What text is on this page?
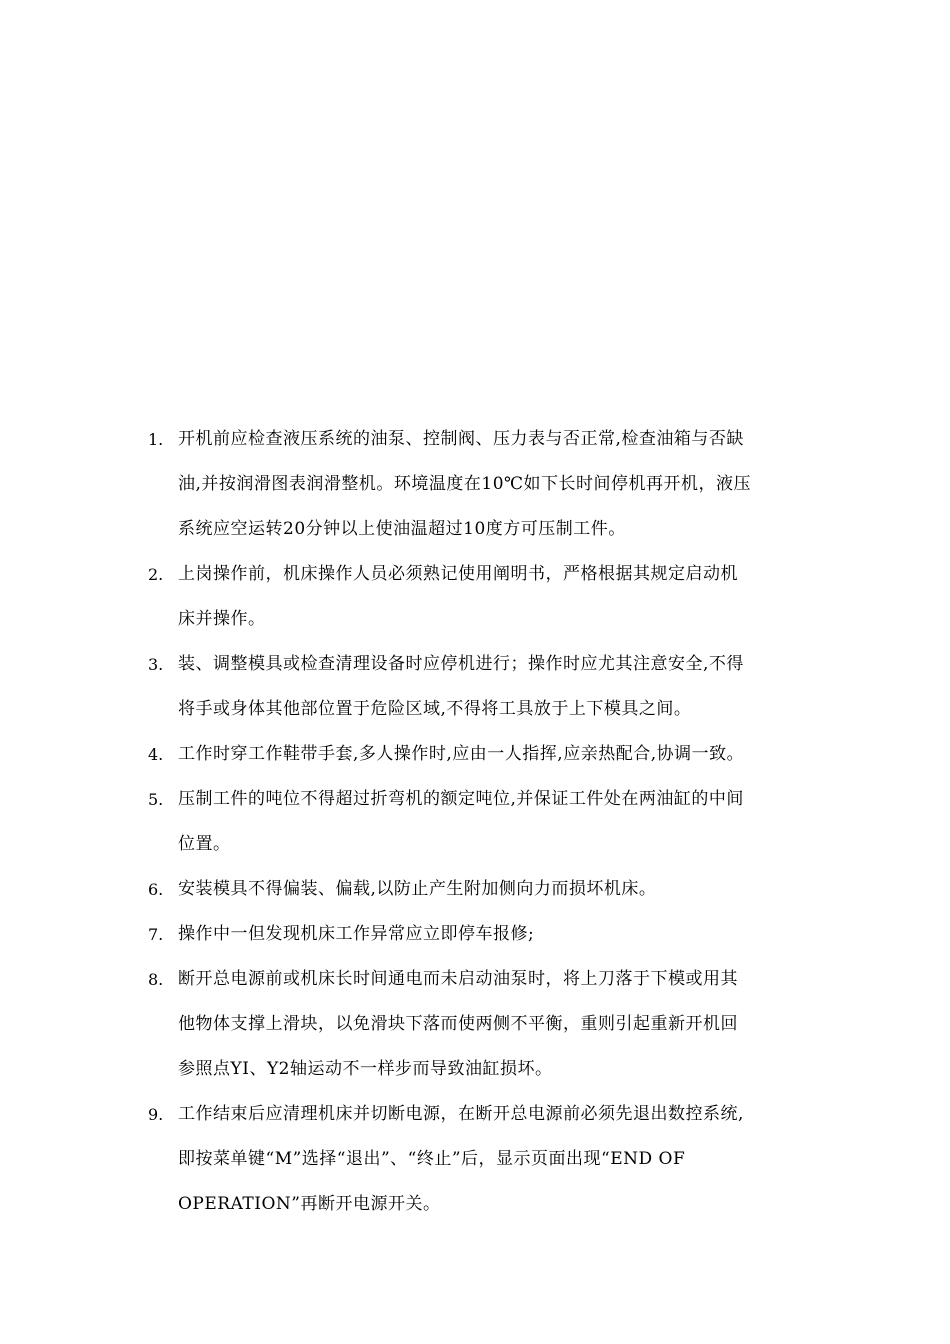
1. 开机前应检查液压系统的油泵、控制阀、压力表与否正常,检查油箱与否缺
油,并按润滑图表润滑整机。环境温度在10℃如下长时间停机再开机，液压
系统应空运转20分钟以上使油温超过10度方可压制工件。
2. 上岗操作前，机床操作人员必须熟记使用阐明书，严格根据其规定启动机
床并操作。
3. 装、调整模具或检查清理设备时应停机进行；操作时应尤其注意安全,不得
将手或身体其他部位置于危险区域,不得将工具放于上下模具之间。
4. 工作时穿工作鞋带手套,多人操作时,应由一人指挥,应亲热配合,协调一致。
5. 压制工件的吨位不得超过折弯机的额定吨位,并保证工件处在两油缸的中间
位置。
6. 安装模具不得偏装、偏载,以防止产生附加侧向力而损坏机床。
7. 操作中一但发现机床工作异常应立即停车报修;
8. 断开总电源前或机床长时间通电而未启动油泵时，将上刀落于下模或用其
他物体支撑上滑块，以免滑块下落而使两侧不平衡，重则引起重新开机回
参照点YI、Y2轴运动不一样步而导致油缸损坏。
9. 工作结束后应清理机床并切断电源，在断开总电源前必须先退出数控系统,
即按菜单键“M”选择“退出”、“终止”后，显示页面出现“END OF
OPERATION”再断开电源开关。
